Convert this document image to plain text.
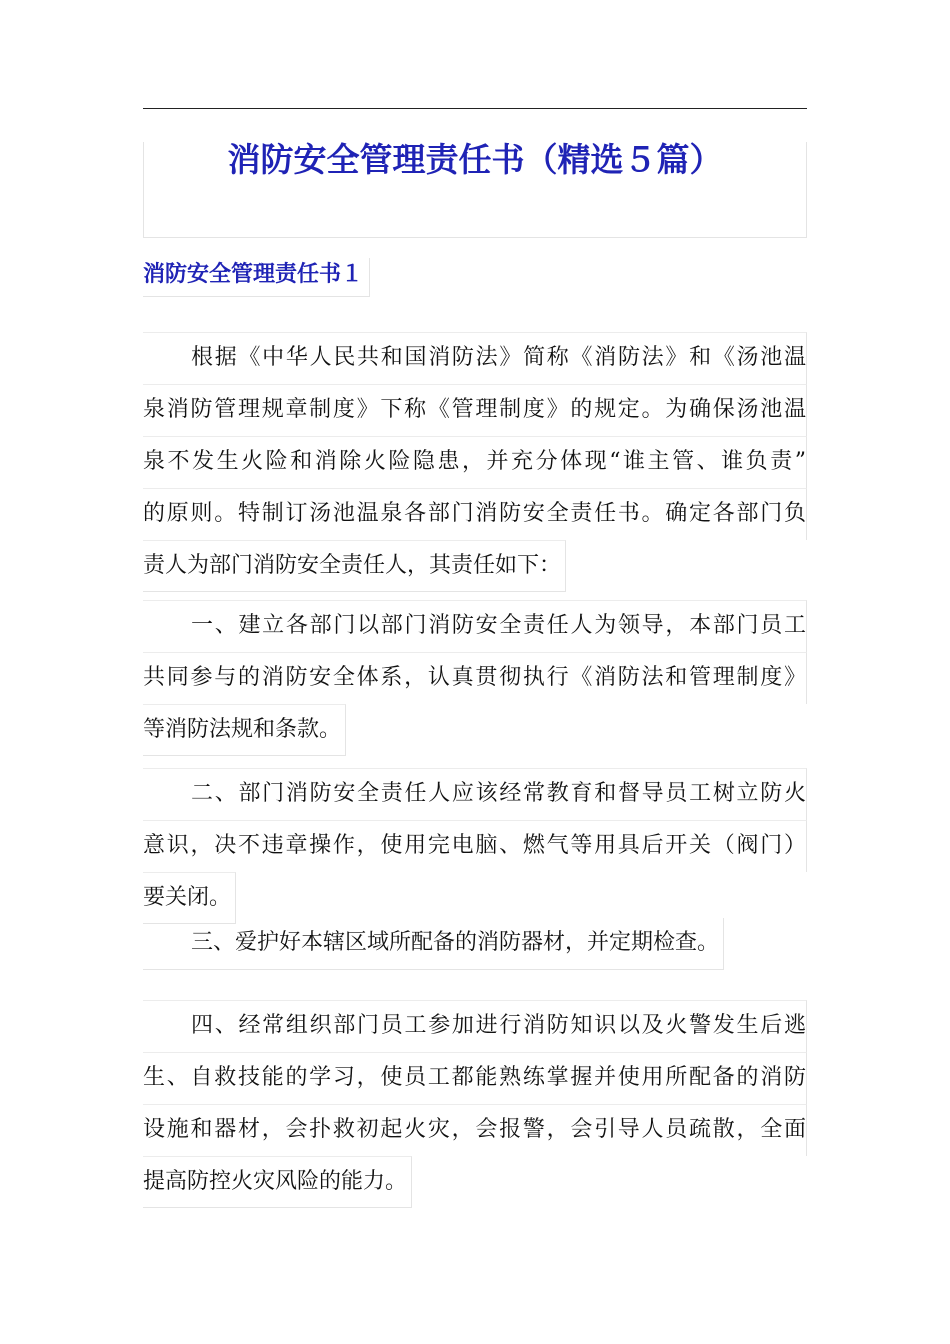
消防安全管理责任书（精选５篇）
消防安全管理责任书１
根据《中华人民共和国消防法》简称《消防法》和《汤池温
泉消防管理规章制度》下称《管理制度》的规定。为确保汤池温
泉不发生火险和消除火险隐患，并充分体现“谁主管、谁负责”
的原则。特制订汤池温泉各部门消防安全责任书。确定各部门负
责人为部门消防安全责任人，其责任如下：
一、建立各部门以部门消防安全责任人为领导，本部门员工
共同参与的消防安全体系，认真贯彻执行《消防法和管理制度》
等消防法规和条款。
二、部门消防安全责任人应该经常教育和督导员工树立防火
意识，决不违章操作，使用完电脑、燃气等用具后开关（阀门）
要关闭。
三、爱护好本辖区域所配备的消防器材，并定期检查。
四、经常组织部门员工参加进行消防知识以及火警发生后逃
生、自救技能的学习，使员工都能熟练掌握并使用所配备的消防
设施和器材，会扑救初起火灾，会报警，会引导人员疏散，全面
提高防控火灾风险的能力。
